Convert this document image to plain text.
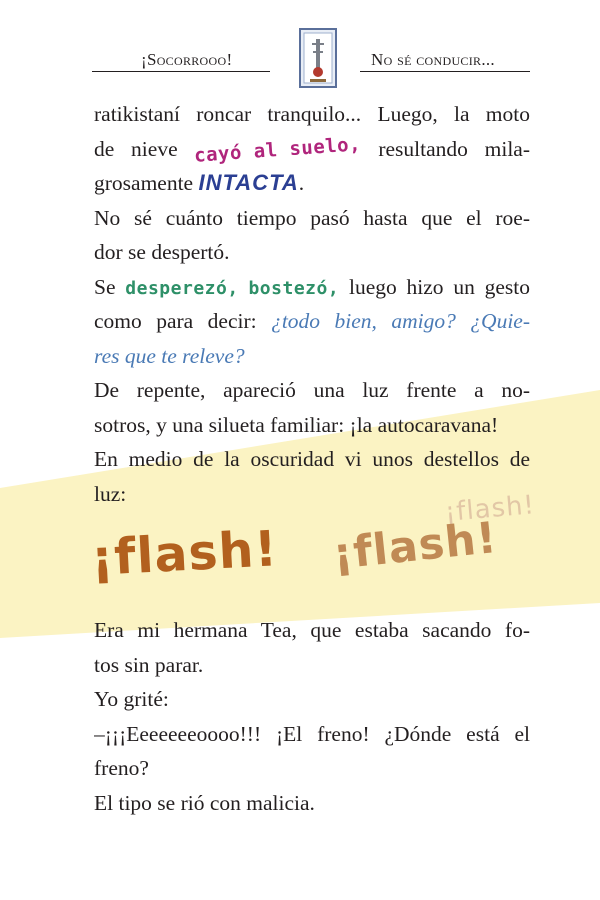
¡Socorrooo!	No sé conducir...
ratikistaní roncar tranquilo... Luego, la moto
de nieve cayó al suelo, resultando mila-
grosamente INTACTA.
No sé cuánto tiempo pasó hasta que el roe-
dor se despertó.
Se desperezó, bostezó, luego hizo un gesto
como para decir: ¿todo bien, amigo? ¿Quie-
res que te releve?
De repente, apareció una luz frente a no-
sotros, y una silueta familiar: ¡la autocaravana!
En medio de la oscuridad vi unos destellos de
luz:	¡flash!
¡flash! ¡flash!
Era mi hermana Tea, que estaba sacando fo-
tos sin parar.
Yo grité:
–¡¡¡Eeeeeeeoooo!!! ¡El freno! ¿Dónde está el
freno?
El tipo se rió con malicia.
